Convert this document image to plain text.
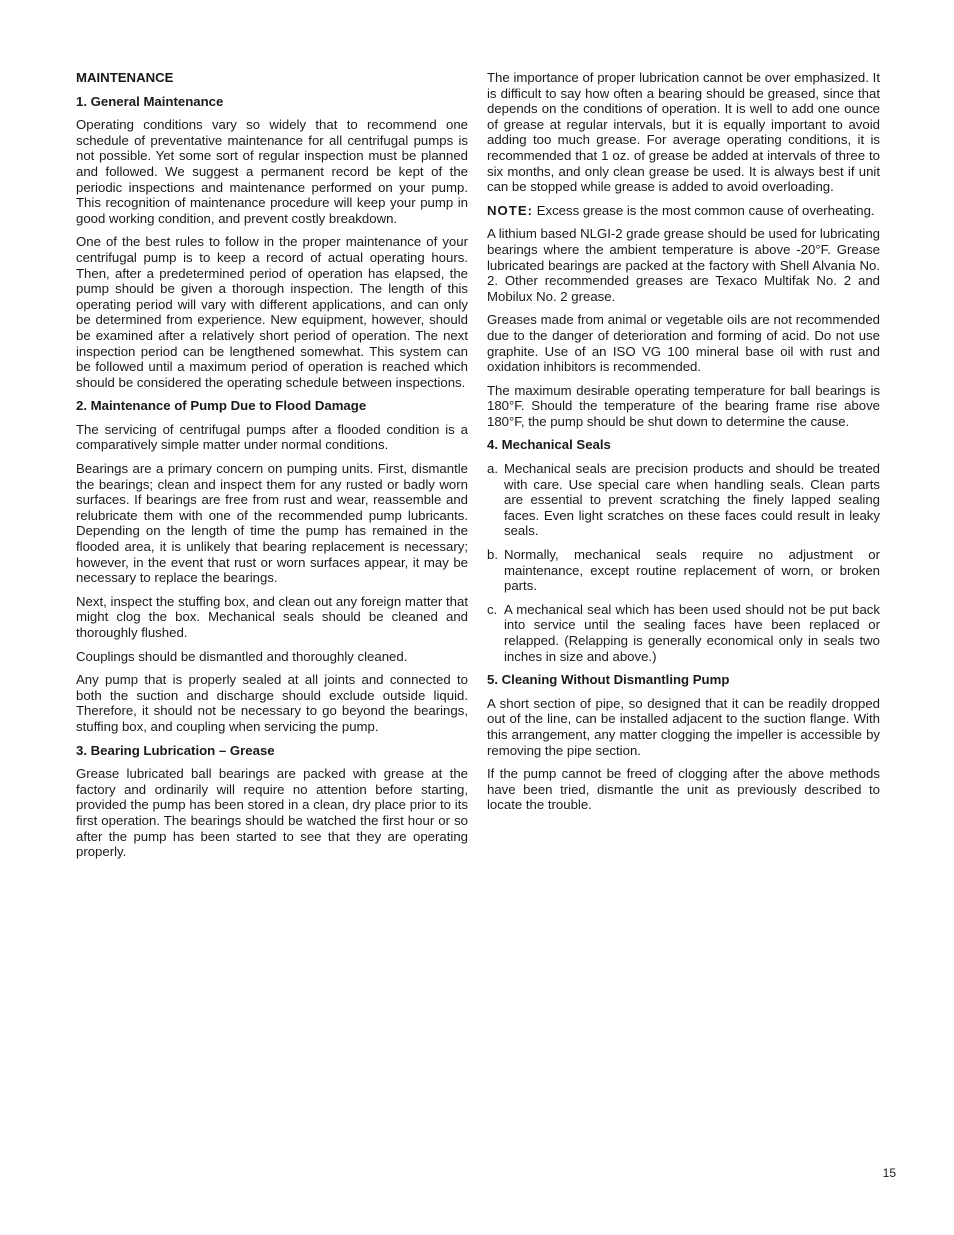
MAINTENANCE
1. General Maintenance

Operating conditions vary so widely that to recommend one schedule of preventative maintenance for all centrifugal pumps is not possible. Yet some sort of regular inspection must be planned and followed. We suggest a permanent record be kept of the periodic inspections and maintenance performed on your pump. This recognition of maintenance procedure will keep your pump in good working condition, and prevent costly breakdown.

One of the best rules to follow in the proper maintenance of your centrifugal pump is to keep a record of actual operating hours. Then, after a predetermined period of operation has elapsed, the pump should be given a thorough inspection. The length of this operating period will vary with different applications, and can only be determined from experience. New equipment, however, should be examined after a relatively short period of operation. The next inspection period can be lengthened somewhat. This system can be followed until a maximum period of operation is reached which should be considered the operating schedule between inspections.

2. Maintenance of Pump Due to Flood Damage

The servicing of centrifugal pumps after a flooded condition is a comparatively simple matter under normal conditions.

Bearings are a primary concern on pumping units. First, dismantle the bearings; clean and inspect them for any rusted or badly worn surfaces. If bearings are free from rust and wear, reassemble and relubricate them with one of the recommended pump lubricants. Depending on the length of time the pump has remained in the flooded area, it is unlikely that bearing replacement is necessary; however, in the event that rust or worn surfaces appear, it may be necessary to replace the bearings.

Next, inspect the stuffing box, and clean out any foreign matter that might clog the box. Mechanical seals should be cleaned and thoroughly flushed.

Couplings should be dismantled and thoroughly cleaned.

Any pump that is properly sealed at all joints and connected to both the suction and discharge should exclude outside liquid. Therefore, it should not be necessary to go beyond the bearings, stuffing box, and coupling when servicing the pump.

3. Bearing Lubrication – Grease

Grease lubricated ball bearings are packed with grease at the factory and ordinarily will require no attention before starting, provided the pump has been stored in a clean, dry place prior to its first operation. The bearings should be watched the first hour or so after the pump has been started to see that they are operating properly.

The importance of proper lubrication cannot be over emphasized. It is difficult to say how often a bearing should be greased, since that depends on the conditions of operation. It is well to add one ounce of grease at regular intervals, but it is equally important to avoid adding too much grease. For average operating conditions, it is recommended that 1 oz. of grease be added at intervals of three to six months, and only clean grease be used. It is always best if unit can be stopped while grease is added to avoid overloading.

NOTE: Excess grease is the most common cause of overheating.

A lithium based NLGI-2 grade grease should be used for lubricating bearings where the ambient temperature is above -20°F. Grease lubricated bearings are packed at the factory with Shell Alvania No. 2. Other recommended greases are Texaco Multifak No. 2 and Mobilux No. 2 grease.

Greases made from animal or vegetable oils are not recommended due to the danger of deterioration and forming of acid. Do not use graphite. Use of an ISO VG 100 mineral base oil with rust and oxidation inhibitors is recommended.

The maximum desirable operating temperature for ball bearings is 180°F. Should the temperature of the bearing frame rise above 180°F, the pump should be shut down to determine the cause.

4. Mechanical Seals
a. Mechanical seals are precision products and should be treated with care. Use special care when handling seals. Clean parts are essential to prevent scratching the finely lapped sealing faces. Even light scratches on these faces could result in leaky seals.
b. Normally, mechanical seals require no adjustment or maintenance, except routine replacement of worn, or broken parts.
c. A mechanical seal which has been used should not be put back into service until the sealing faces have been replaced or relapped. (Relapping is generally economical only in seals two inches in size and above.)
5. Cleaning Without Dismantling Pump

A short section of pipe, so designed that it can be readily dropped out of the line, can be installed adjacent to the suction flange. With this arrangement, any matter clogging the impeller is accessible by removing the pipe section.

If the pump cannot be freed of clogging after the above methods have been tried, dismantle the unit as previously described to locate the trouble.

15
